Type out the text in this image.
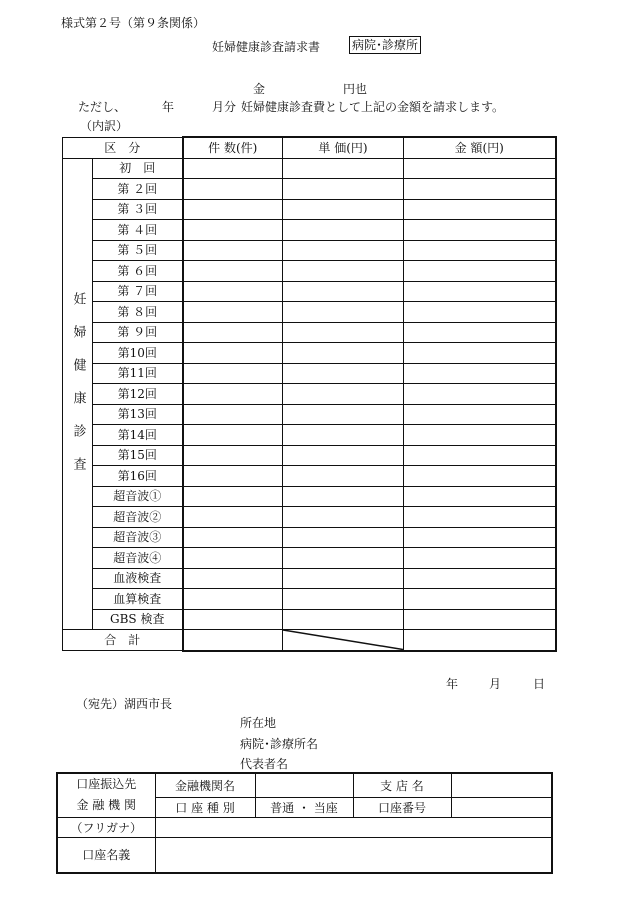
様式第２号（第９条関係）
妊婦健康診査請求書	病院･診療所
金	円也
ただし、	年	月分 妊婦健康診査費として上記の金額を請求します。
（内訳）
区　分		件 数(件)	単 価(円)	金 額(円)
妊婦健康診査	初　回			
	第 ２回			
	第 ３回			
	第 ４回			
	第 ５回			
	第 ６回			
	第 ７回			
	第 ８回			
	第 ９回			
	第10回			
	第11回			
	第12回			
	第13回			
	第14回			
	第15回			
	第16回			
	超音波①			
	超音波②			
	超音波③			
	超音波④			
	血液検査			
	血算検査			
	GBS 検査			
合　計		

年	月	日
（宛先）湖西市長
所在地
病院･診療所名
代表者名
口座振込先
金 融 機 関	金融機関名		支 店 名	
	口 座 種 別	普通 ・ 当座	口座番号	
（フリガナ）				
口座名義				
